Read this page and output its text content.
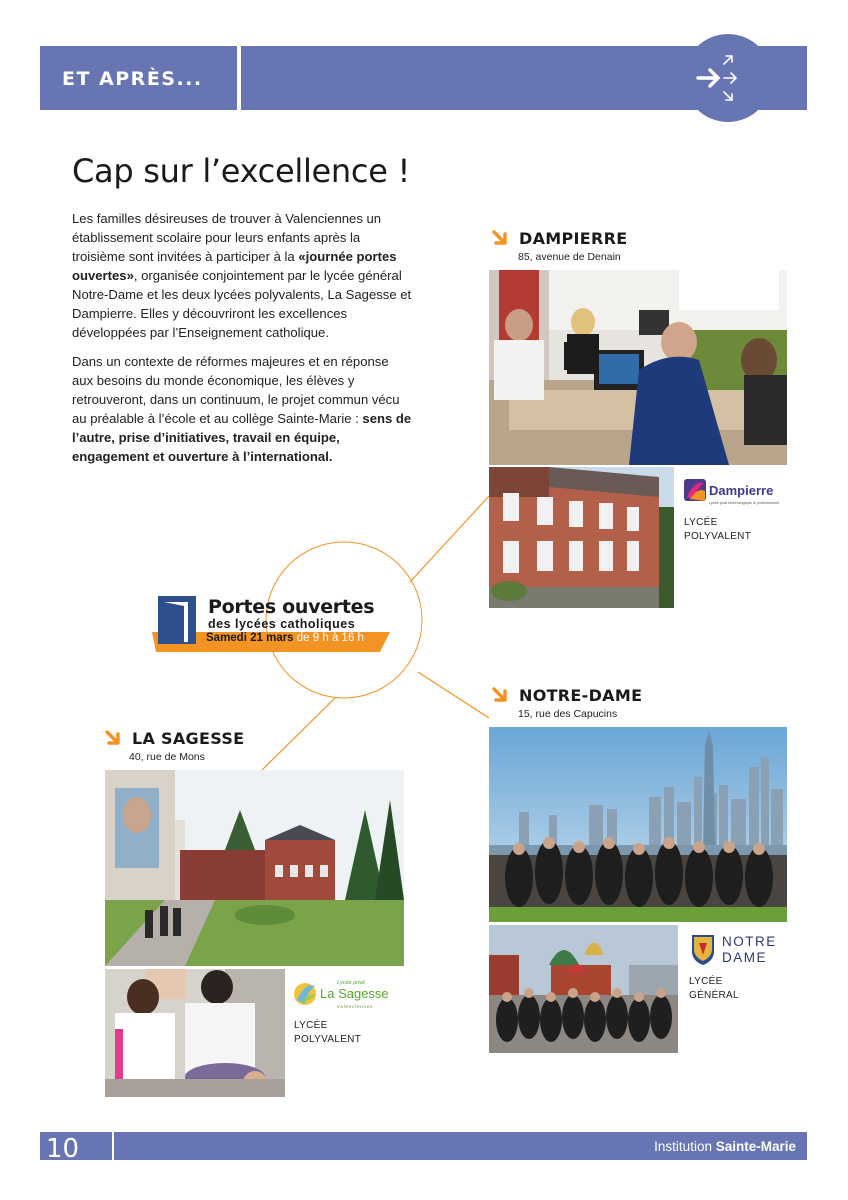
ET APRÈS...
Cap sur l’excellence !

Les familles désireuses de trouver à Valenciennes un établissement scolaire pour leurs enfants après la troisième sont invitées à participer à la «journée portes ouvertes», organisée conjointement par le lycée général Notre-Dame et les deux lycées polyvalents, La Sagesse et Dampierre. Elles y découvriront les excellences développées par l’Enseignement catholique.

Dans un contexte de réformes majeures et en réponse aux besoins du monde économique, les élèves y retrouveront, dans un continuum, le projet commun vécu au préalable à l’école et au collège Sainte-Marie : sens de l’autre, prise d’initiatives, travail en équipe, engagement et ouverture à l’international.

DAMPIERRE
85, avenue de Denain
Dampierre
Lycée post technologique & professionnel
LYCÉE
POLYVALENT
Portes ouvertes
des lycées catholiques
Samedi 21 mars de 9 h à 16 h
NOTRE-DAME
15, rue des Capucins
NOTRE
DAME
LYCÉE
GÉNÉRAL
LA SAGESSE
40, rue de Mons
Lycée privé
La Sagesse
Valenciennes
LYCÉE
POLYVALENT
10	Institution Sainte-Marie
